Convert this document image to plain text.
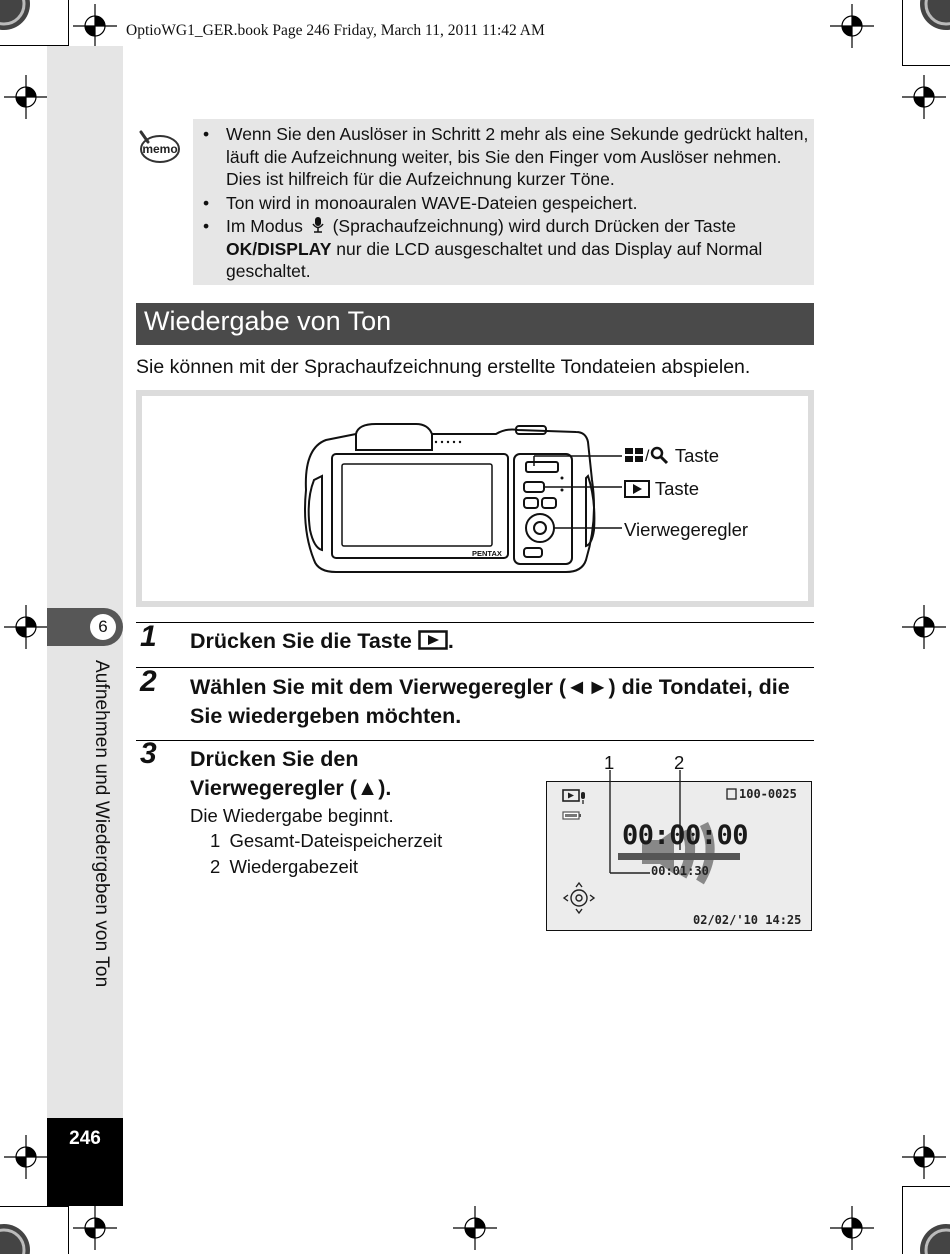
OptioWG1_GER.book Page 246 Friday, March 11, 2011 11:42 AM
6
Aufnehmen und Wiedergeben von Ton
246
memo
• Wenn Sie den Auslöser in Schritt 2 mehr als eine Sekunde gedrückt halten, läuft die Aufzeichnung weiter, bis Sie den Finger vom Auslöser nehmen. Dies ist hilfreich für die Aufzeichnung kurzer Töne.
• Ton wird in monoauralen WAVE-Dateien gespeichert.
• Im Modus (Sprachaufzeichnung) wird durch Drücken der Taste OK/DISPLAY nur die LCD ausgeschaltet und das Display auf Normal geschaltet.
Wiedergabe von Ton
Sie können mit der Sprachaufzeichnung erstellte Tondateien abspielen.
PENTAX
/ Taste
Taste
Vierwegeregler
1 Drücken Sie die Taste .
2 Wählen Sie mit dem Vierwegeregler (◄►) die Tondatei, die Sie wiedergeben möchten.
3 Drücken Sie den Vierwegeregler (▲).
Die Wiedergabe beginnt.
1 Gesamt-Dateispeicherzeit
2 Wiedergabezeit
1	2
100-0025
00:00:00
00:01:30
02/02/'10 14:25
